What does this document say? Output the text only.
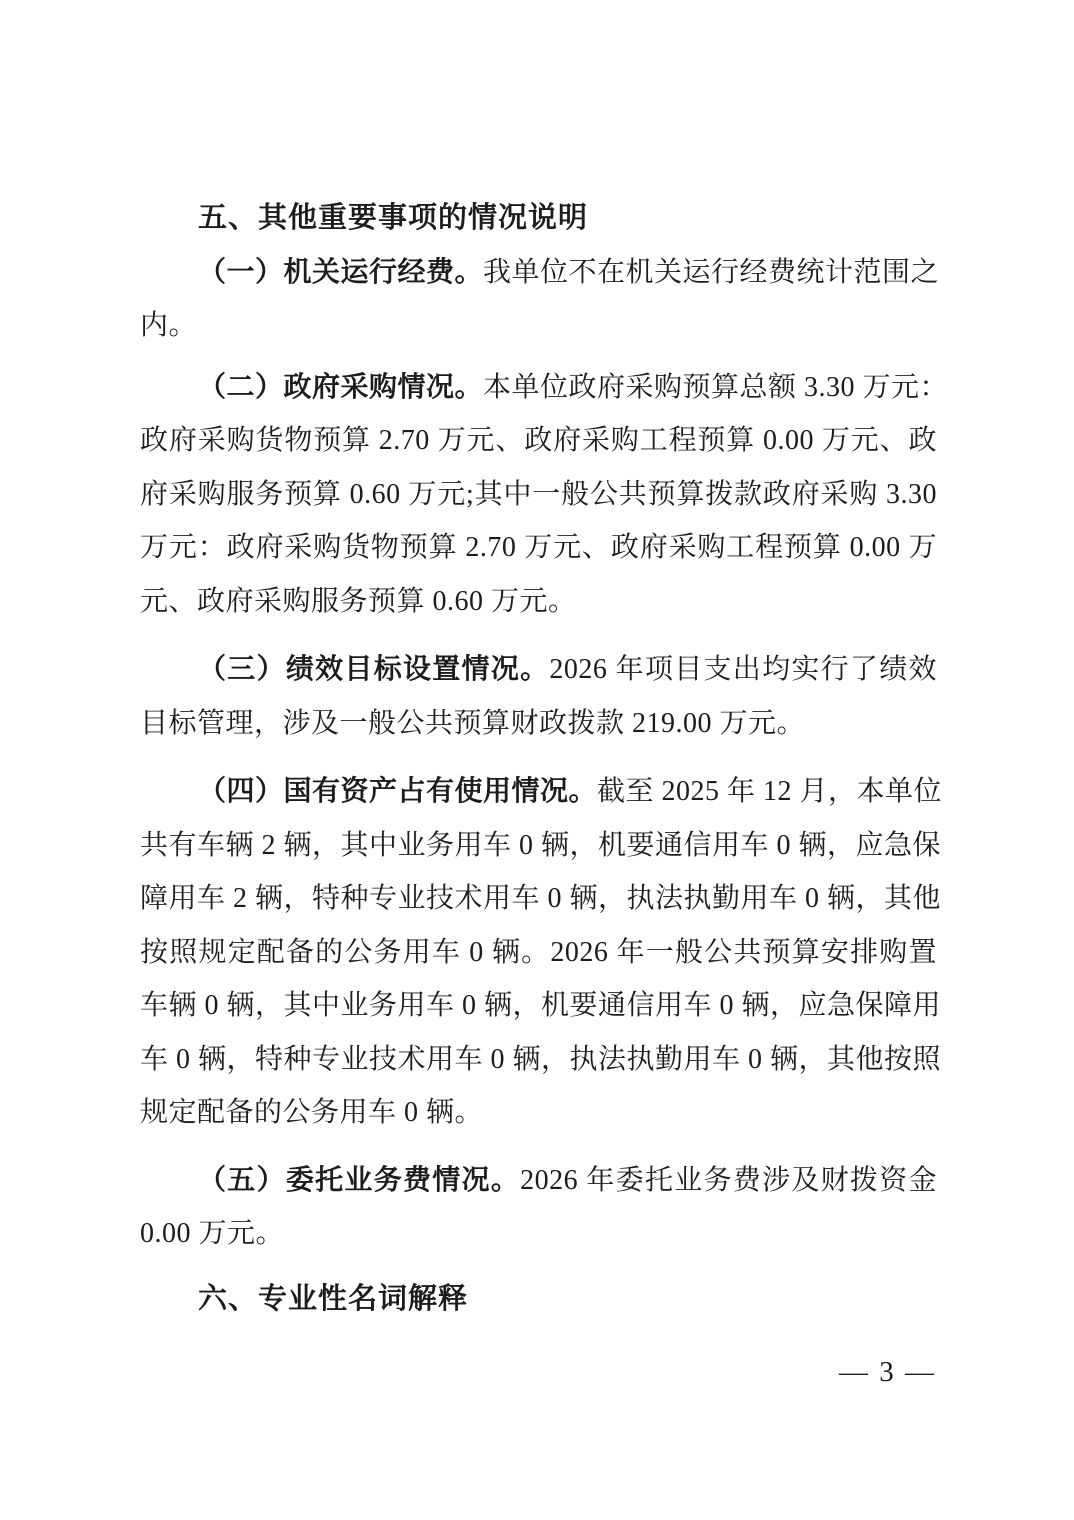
五、其他重要事项的情况说明
（一）机关运行经费。我单位不在机关运行经费统计范围之
内。
（二）政府采购情况。本单位政府采购预算总额 3.30 万元：
政府采购货物预算 2.70 万元、政府采购工程预算 0.00 万元、政
府采购服务预算 0.60 万元;其中一般公共预算拨款政府采购 3.30
万元：政府采购货物预算 2.70 万元、政府采购工程预算 0.00 万
元、政府采购服务预算 0.60 万元。
（三）绩效目标设置情况。2026 年项目支出均实行了绩效
目标管理，涉及一般公共预算财政拨款 219.00 万元。
（四）国有资产占有使用情况。截至 2025 年 12 月，本单位
共有车辆 2 辆，其中业务用车 0 辆，机要通信用车 0 辆，应急保
障用车 2 辆，特种专业技术用车 0 辆，执法执勤用车 0 辆，其他
按照规定配备的公务用车 0 辆。2026 年一般公共预算安排购置
车辆 0 辆，其中业务用车 0 辆，机要通信用车 0 辆，应急保障用
车 0 辆，特种专业技术用车 0 辆，执法执勤用车 0 辆，其他按照
规定配备的公务用车 0 辆。
（五）委托业务费情况。2026 年委托业务费涉及财拨资金
0.00 万元。
六、专业性名词解释
— 3 —
